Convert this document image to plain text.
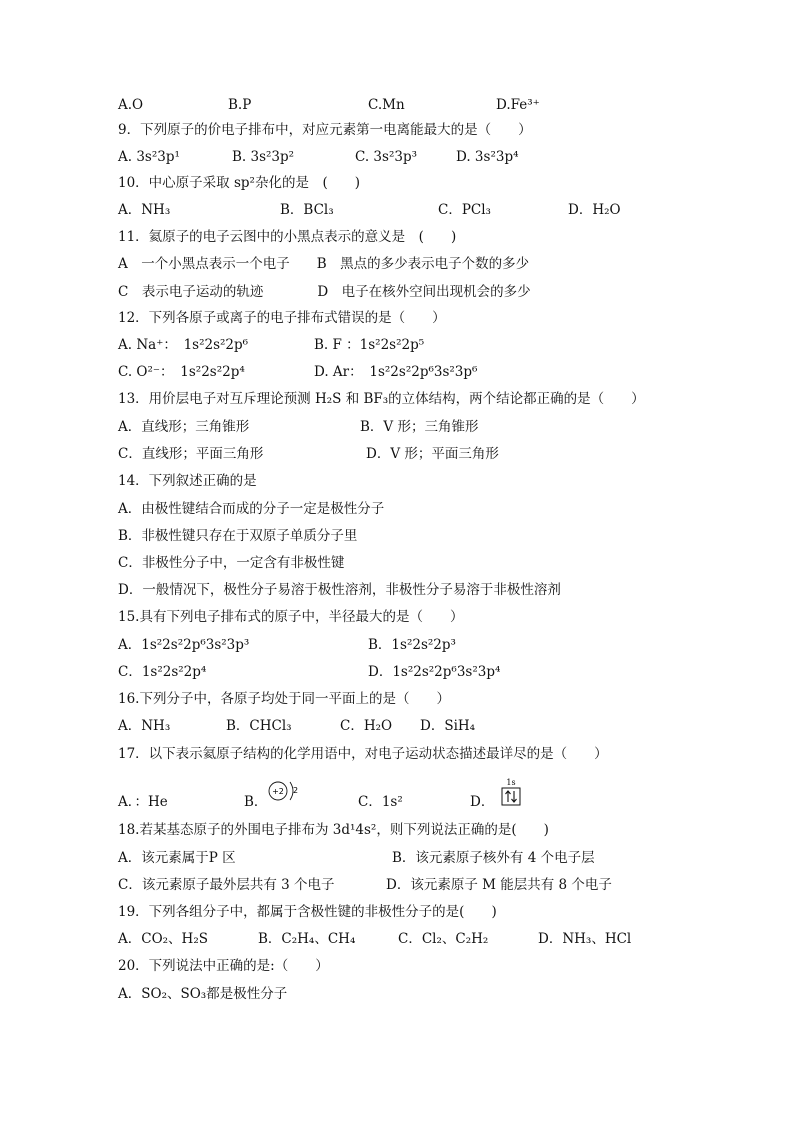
A.O	B.P	C.Mn	D.Fe³⁺
9．下列原子的价电子排布中，对应元素第一电离能最大的是（　　）
A. 3s²3p¹	B. 3s²3p²	C. 3s²3p³	D. 3s²3p⁴
10．中心原子采取 sp²杂化的是　(　　)
A．NH₃	B．BCl₃	C．PCl₃	D．H₂O
11．氦原子的电子云图中的小黑点表示的意义是　(　　)
A　一个小黑点表示一个电子　　B　黑点的多少表示电子个数的多少
C　表示电子运动的轨迹　　　　D　电子在核外空间出现机会的多少
12．下列各原子或离子的电子排布式错误的是（　　）
A. Na⁺：　1s²2s²2p⁶	B. F ：1s²2s²2p⁵
C. O²⁻：　1s²2s²2p⁴	D. Ar：　1s²2s²2p⁶3s²3p⁶
13．用价层电子对互斥理论预测 H₂S 和 BF₃的立体结构，两个结论都正确的是（　　）
A．直线形；三角锥形	B．V 形；三角锥形
C．直线形；平面三角形	D．V 形；平面三角形
14．下列叙述正确的是
A．由极性键结合而成的分子一定是极性分子
B．非极性键只存在于双原子单质分子里
C．非极性分子中，一定含有非极性键
D．一般情况下，极性分子易溶于极性溶剂，非极性分子易溶于非极性溶剂
15.具有下列电子排布式的原子中，半径最大的是（　　）
A．1s²2s²2p⁶3s²3p³	B．1s²2s²2p³
C．1s²2s²2p⁴	D．1s²2s²2p⁶3s²3p⁴
16.下列分子中，各原子均处于同一平面上的是（　　）
A．NH₃	B．CHCl₃	C．H₂O D．SiH₄
17．以下表示氦原子结构的化学用语中，对电子运动状态描述最详尽的是（　　）
A．：He	B．
+2 2
C．1s²	D．
1s
18.若某基态原子的外围电子排布为 3d¹4s²，则下列说法正确的是(　　)
A．该元素属于P 区	B．该元素原子核外有 4 个电子层
C．该元素原子最外层共有 3 个电子	D．该元素原子 M 能层共有 8 个电子
19．下列各组分子中，都属于含极性键的非极性分子的是(　　)
A．CO₂、H₂S	B．C₂H₄、CH₄	C．Cl₂、C₂H₂	D．NH₃、HCl
20．下列说法中正确的是:（　　）
A．SO₂、SO₃都是极性分子
